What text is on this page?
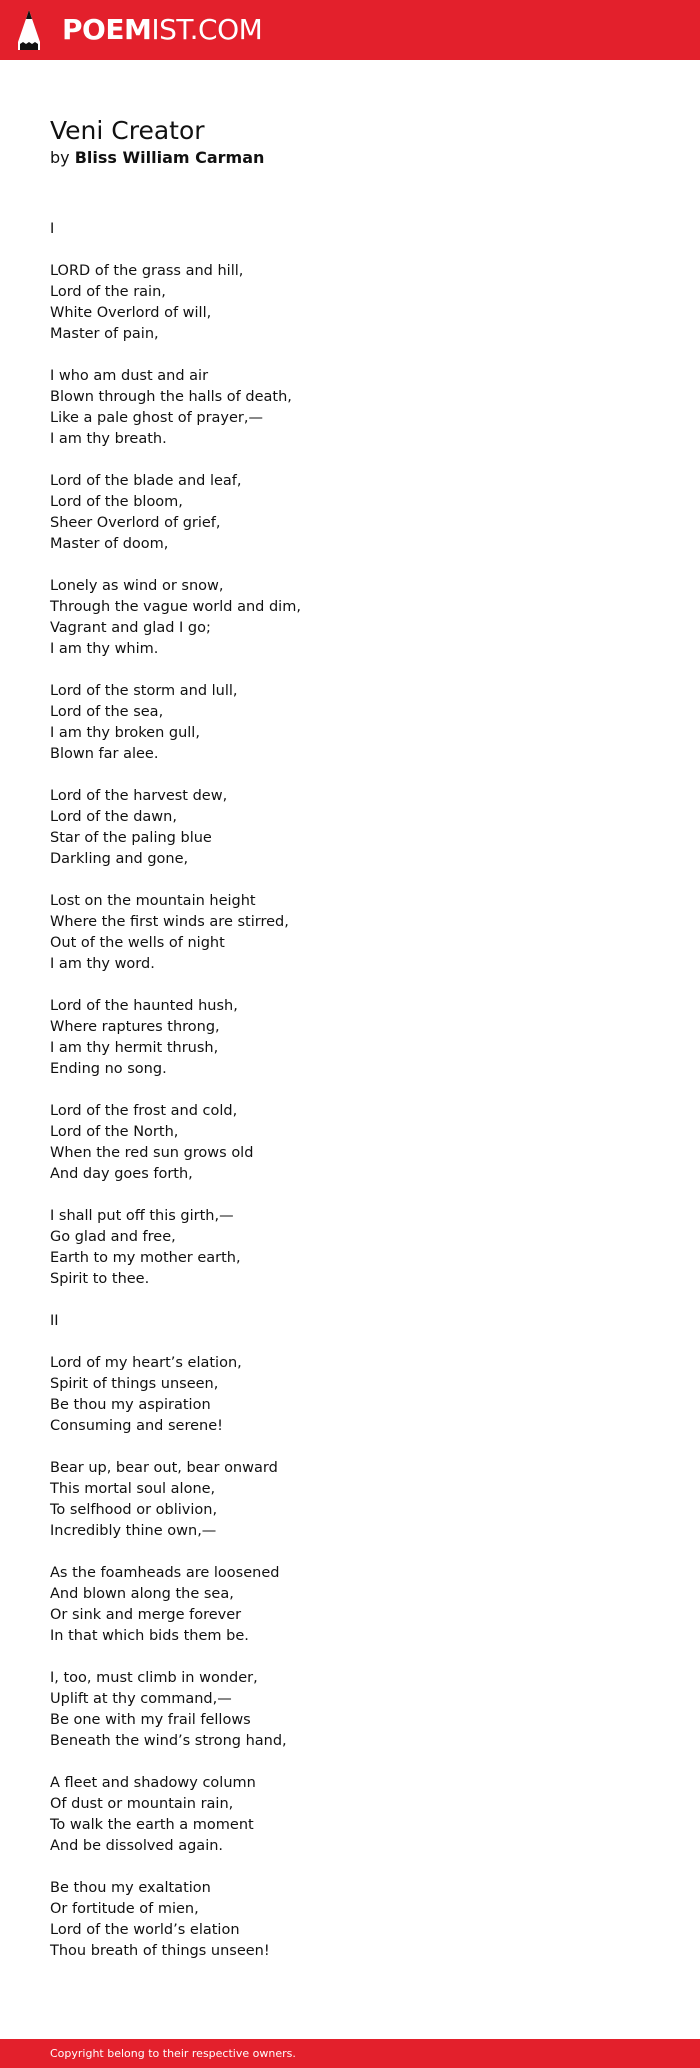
POEMIST.COM
Veni Creator
by Bliss William Carman
I
LORD of the grass and hill,
Lord of the rain,
White Overlord of will,
Master of pain,
I who am dust and air
Blown through the halls of death,
Like a pale ghost of prayer,—
I am thy breath.
Lord of the blade and leaf,
Lord of the bloom,
Sheer Overlord of grief,
Master of doom,
Lonely as wind or snow,
Through the vague world and dim,
Vagrant and glad I go;
I am thy whim.
Lord of the storm and lull,
Lord of the sea,
I am thy broken gull,
Blown far alee.
Lord of the harvest dew,
Lord of the dawn,
Star of the paling blue
Darkling and gone,
Lost on the mountain height
Where the first winds are stirred,
Out of the wells of night
I am thy word.
Lord of the haunted hush,
Where raptures throng,
I am thy hermit thrush,
Ending no song.
Lord of the frost and cold,
Lord of the North,
When the red sun grows old
And day goes forth,
I shall put off this girth,—
Go glad and free,
Earth to my mother earth,
Spirit to thee.
II
Lord of my heart’s elation,
Spirit of things unseen,
Be thou my aspiration
Consuming and serene!
Bear up, bear out, bear onward
This mortal soul alone,
To selfhood or oblivion,
Incredibly thine own,—
As the foamheads are loosened
And blown along the sea,
Or sink and merge forever
In that which bids them be.
I, too, must climb in wonder,
Uplift at thy command,—
Be one with my frail fellows
Beneath the wind’s strong hand,
A fleet and shadowy column
Of dust or mountain rain,
To walk the earth a moment
And be dissolved again.
Be thou my exaltation
Or fortitude of mien,
Lord of the world’s elation
Thou breath of things unseen!
Copyright belong to their respective owners.
